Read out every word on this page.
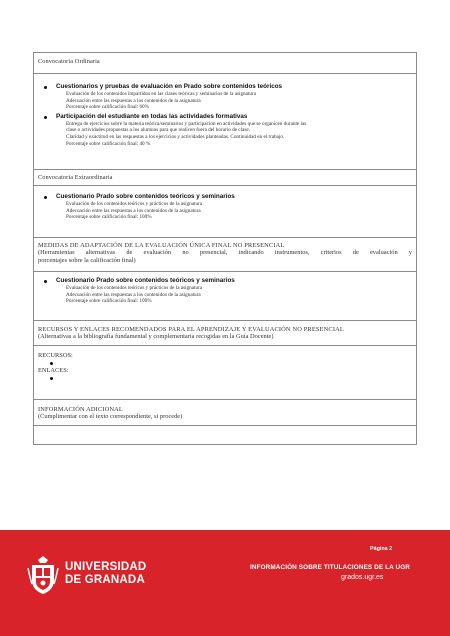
Convocatoria Ordinaria
Cuestionarios y pruebas de evaluación en Prado sobre contenidos teóricos
Evaluación de los contenidos impartidos en las clases teóricas y seminarios de la asignatura
Adecuación entre las respuestas a los contenidos de la asignatura
Porcentaje sobre calificación final: 60%
Participación del estudiante en todas las actividades formativas
Entrega de ejercicios sobre la materia teórica/seminarios y participación en actividades que se organicen durante las
clase o actividades propuestas a los alumnos para que realicen fuera del horario de clase.
Claridad y exactitud en las respuestas a los ejercicios y actividades planteadas. Continuidad en el trabajo.
Porcentaje sobre calificación final: 40 %
Convocatoria Extraordinaria
Cuestionario Prado sobre contenidos teóricos y seminarios
Evaluación de los contenidos teóricos y prácticos de la asignatura
Adecuación entre las respuestas a los contenidos de la asignatura
Porcentaje sobre calificación final: 100%
MEDIDAS DE ADAPTACIÓN DE LA EVALUACIÓN ÚNICA FINAL NO PRESENCIAL
(Herramientas alternativas de evaluación no presencial, indicando instrumentos, criterios de evaluación y
porcentajes sobre la calificación final)
Cuestionario Prado sobre contenidos teóricos y seminarios
Evaluación de los contenidos teóricos y prácticos de la asignatura
Adecuación entre las respuestas a los contenidos de la asignatura
Porcentaje sobre calificación final: 100%
RECURSOS Y ENLACES RECOMENDADOS PARA EL APRENDIZAJE Y EVALUACIÓN NO PRESENCIAL
(Alternativas a la bibliografía fundamental y complementaria recogidas en la Guía Docente)
RECURSOS:
ENLACES:
INFORMACIÓN ADICIONAL
(Cumplimentar con el texto correspondiente, si procede)
UNIVERSIDAD
DE GRANADA
Página 2
INFORMACIÓN SOBRE TITULACIONES DE LA UGR
grados.ugr.es
